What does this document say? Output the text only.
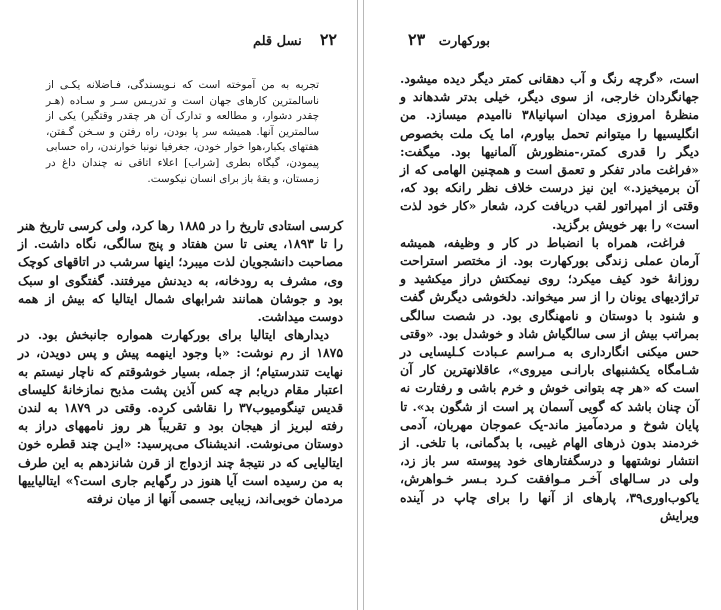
۲۲    نسل قلم
تجربه به من آموخته است که نـویسندگی، فـاضلانه یکـی از ناسالمترین کارهای جهان است و تدریـس سـر و سـاده (هـر چقدر دشوار، و مطالعه و تدارک آن هر چقدر وقتگیر) یکی از سالمترین آنها. همیشه سر پا بودن، راه رفتن و سـخن گـفتن، هفتهای یکبار،هوا خوار خودن، جغرفیا نونبا خوارندن، راه حسابی پیمودن، گیگاه بطری [شراب] اعلاء اتاقی نه چندان داغ در زمستان، و یقهٔ باز برای انسان نیکوست.

کرسی استادی تاریخ را در ۱۸۸۵ رها کرد، ولی کرسی تاریخ هنر را تا ۱۸۹۳، یعنی تا سن هفتاد و پنج سالگی، نگاه داشت. از مصاحبت دانشجویان لذت میبرد؛ اینها سرشب در اتاقهای کوچک وی، مشرف به رودخانه، به دیدنش میرفتند. گفتگوی او سبک بود و جوشان همانند شرابهای شمال ایتالیا که بیش از همه دوست میداشت.

دیدارهای ایتالیا برای بورکهارت همواره جانبخش بود. در ۱۸۷۵ از رم نوشت: «با وجود اینهمه پیش و پس دویدن، در نهایت تندرستیام؛ از جمله، بسیار خوشوقتم که ناچار نیستم به اعتبار مقام دریابم چه کس آذین پشت مذبح نمازخانهٔ کلیسای قدیس تینگومیوب۳۷ را نقاشی کرده. وقتی در ۱۸۷۹ به لندن رفته لبریز از هیجان بود و تقریباً هر روز نامههای دراز به دوستان می‌نوشت. اندیشناک می‌پرسید: «ایـن چند قطره خون ایتالیایی که در نتیجهٔ چند ازدواج از قرن شانزدهم به این طرف به من رسیده است آیا هنوز در رگهایم جاری است؟» ایتالیاییها مردمان خوبی‌اند، زیبایی جسمی آنها از میان نرفته

بورکهارت   ۲۳

است، «گرچه رنگ و آب دهقانی کمتر دیگر دیده میشود. جهانگردان خارجی، از سوی دیگر، خیلی بدتر شدهاند و منظرهٔ امروزی میدان اسپانیا۳۸ ناامیدم میسازد. من انگلیسیها را میتوانم تحمل بیاورم، اما یک ملت بخصوص دیگر را قدری کمتر،-منظورش آلمانیها بود. میگفت: «فراغت مادر تفکر و تعمق است و همچنین الهامی که از آن برمیخیزد.» این نیز درست خلاف نظر رانکه بود که، وقتی از امپراتور لقب دریافت کرد، شعار «کار خود لذت است» را بهر خویش برگزید.

فراغت، همراه با انضباط در کار و وظیفه، همیشه آرمان عملی زندگی بورکهارت بود. از مختصر استراحت روزانهٔ خود کیف میکرد؛ روی نیمکتش دراز میکشید و تراژدیهای یونان را از سر میخواند. دلخوشی دیگرش گفت و شنود با دوستان و نامهنگاری بود. در شصت سالگی بمراتب بیش از سی سالگیاش شاد و خوشدل بود. «وقتی حس میکنی انگارداری به مـراسم عـبادت کـلیسایی در شـامگاه یکشنبهای بارانـی میروی»، عاقلانهترین کار آن است که «هر چه بتوانی خوش و خرم باشی و رفتارت نه آن چنان باشد که گویی آسمان پر است از شگون بد». تا پایان شوخ و مردمآمیز ماند-یک عموجان مهربان، آدمی خردمند بدون ذرهای الهام غیبی، با بدگمانی، با تلخی. از انتشار نوشتهها و درسگفتارهای خود پیوسته سر باز زد، ولی در سـالهای آخـر مـوافقت کـرد بـسر خـواهرش، یاکوب‌اوری۳۹، پارهای از آنها را برای چاپ در آینده ویرایش
